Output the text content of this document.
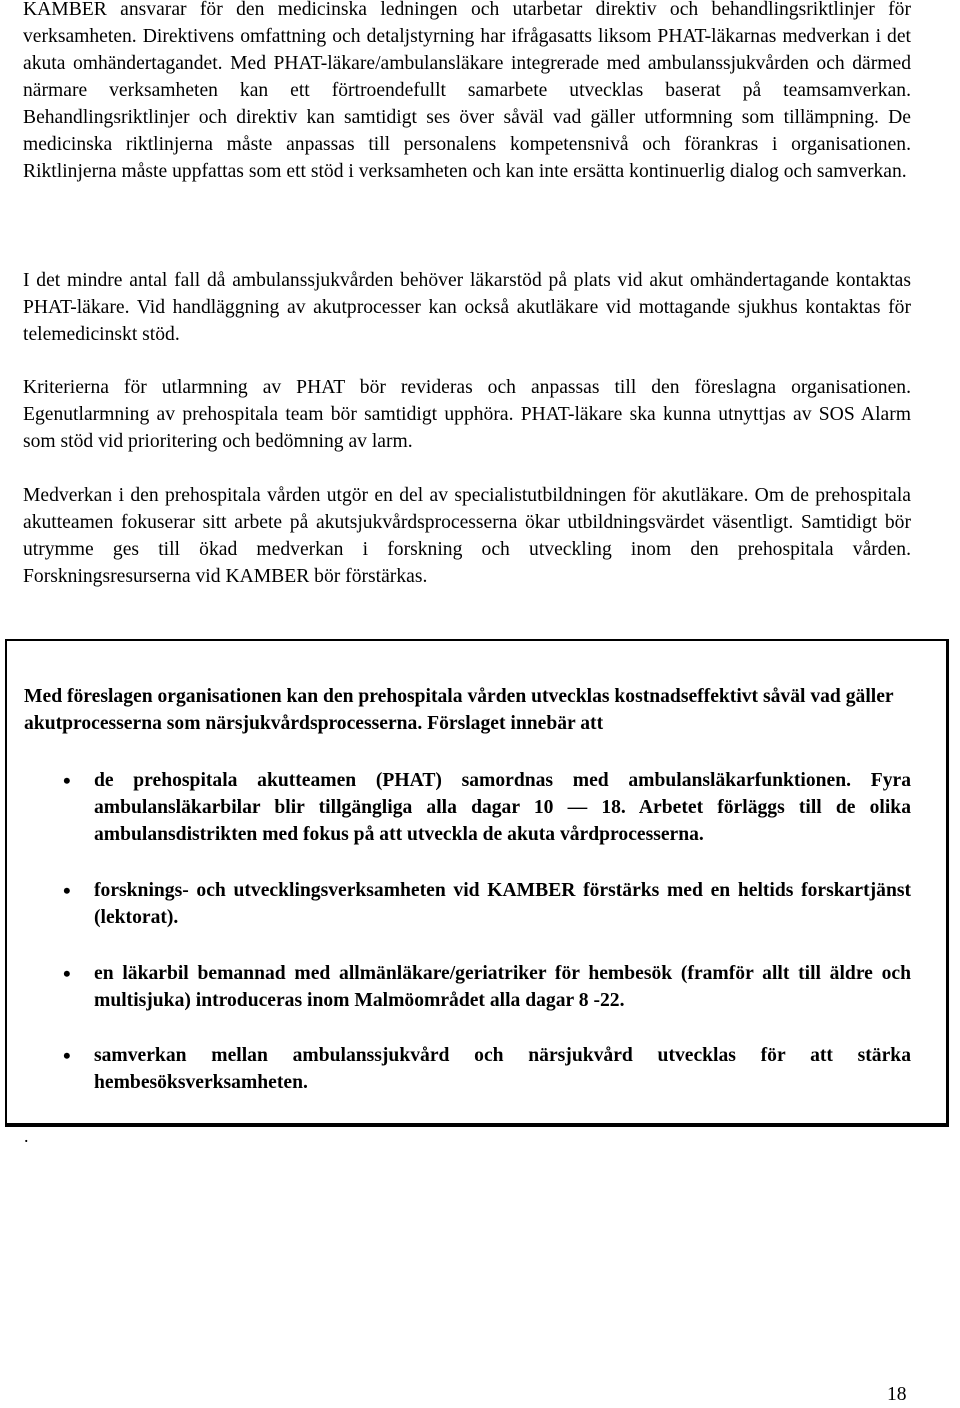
KAMBER ansvarar för den medicinska ledningen och utarbetar direktiv och behandlingsriktlinjer för verksamheten. Direktivens omfattning och detaljstyrning har ifrågasatts liksom PHAT-läkarnas medverkan i det akuta omhändertagandet. Med PHAT-läkare/ambulansläkare integrerade med ambulanssjukvården och därmed närmare verksamheten kan ett förtroendefullt samarbete utvecklas baserat på teamsamverkan. Behandlingsriktlinjer och direktiv kan samtidigt ses över såväl vad gäller utformning som tillämpning. De medicinska riktlinjerna måste anpassas till personalens kompetensnivå och förankras i organisationen. Riktlinjerna måste uppfattas som ett stöd i verksamheten och kan inte ersätta kontinuerlig dialog och samverkan.

I det mindre antal fall då ambulanssjukvården behöver läkarstöd på plats vid akut omhändertagande kontaktas PHAT-läkare. Vid handläggning av akutprocesser kan också akutläkare vid mottagande sjukhus kontaktas för telemedicinskt stöd.

Kriterierna för utlarmning av PHAT bör revideras och anpassas till den föreslagna organisationen. Egenutlarmning av prehospitala team bör samtidigt upphöra. PHAT-läkare ska kunna utnyttjas av SOS Alarm som stöd vid prioritering och bedömning av larm.

Medverkan i den prehospitala vården utgör en del av specialistutbildningen för akutläkare. Om de prehospitala akutteamen fokuserar sitt arbete på akutsjukvårdsprocesserna ökar utbildningsvärdet väsentligt. Samtidigt bör utrymme ges till ökad medverkan i forskning och utveckling inom den prehospitala vården. Forskningsresurserna vid KAMBER bör förstärkas.

Med föreslagen organisationen kan den prehospitala vården utvecklas kostnadseffektivt såväl vad gäller akutprocesserna som närsjukvårdsprocesserna. Förslaget innebär att

• de prehospitala akutteamen (PHAT) samordnas med ambulansläkarfunktionen. Fyra ambulansläkarbilar blir tillgängliga alla dagar 10 — 18. Arbetet förläggs till de olika ambulansdistrikten med fokus på att utveckla de akuta vårdprocesserna.
• forsknings- och utvecklingsverksamheten vid KAMBER förstärks med en heltids forskartjänst (lektorat).
• en läkarbil bemannad med allmänläkare/geriatriker för hembesök (framför allt till äldre och multisjuka) introduceras inom Malmöområdet alla dagar 8 -22.
• samverkan mellan ambulanssjukvård och närsjukvård utvecklas för att stärka hembesöksverksamheten.
.
18
